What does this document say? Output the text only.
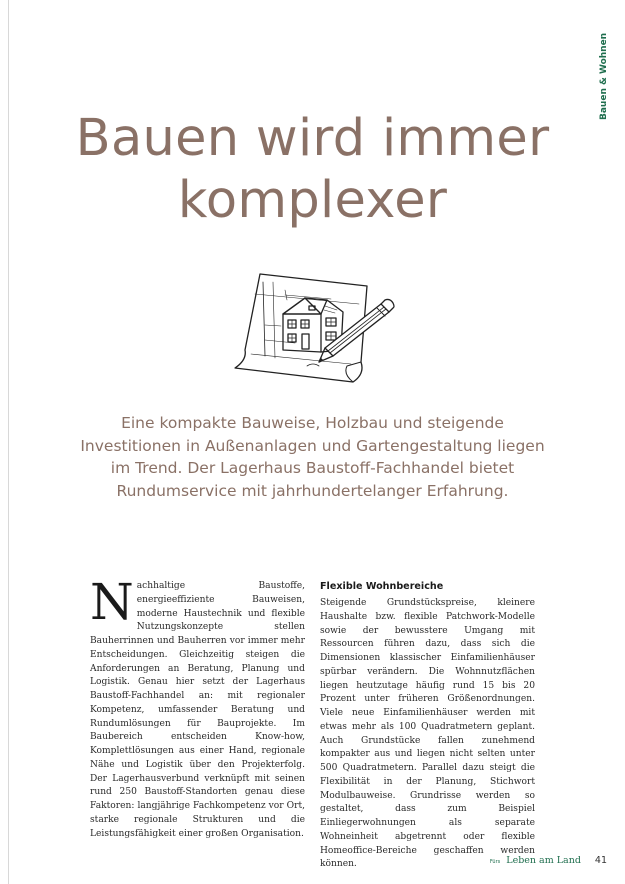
Bauen & Wohnen
Bauen wird immer
komplexer

Eine kompakte Bauweise, Holzbau und steigende Investitionen in Außenanlagen und Gartengestaltung liegen im Trend. Der Lagerhaus Baustoff-Fachhandel bietet Rundumservice mit jahrhundertelanger Erfahrung.

N achhaltige Baustoffe, energieeffiziente Bauweisen, moderne Haustechnik und flexible Nutzungskonzepte stellen Bauherrinnen und Bauherren vor immer mehr Entscheidungen. Gleichzeitig steigen die Anforderungen an Beratung, Planung und Logistik. Genau hier setzt der Lagerhaus Baustoff-Fachhandel an: mit regionaler Kompetenz, umfassender Beratung und Rundumlösungen für Bauprojekte. Im Baubereich entscheiden Know-how, Komplettlösungen aus einer Hand, regionale Nähe und Logistik über den Projekterfolg. Der Lagerhausverbund verknüpft mit seinen rund 250 Baustoff-Standorten genau diese Faktoren: langjährige Fachkompetenz vor Ort, starke regionale Strukturen und die Leistungsfähigkeit einer großen Organisation.

Flexible Wohnbereiche

Steigende Grundstückspreise, kleinere Haushalte bzw. flexible Patchwork-Modelle sowie der bewusstere Umgang mit Ressourcen führen dazu, dass sich die Dimensionen klassischer Einfamilienhäuser spürbar verändern. Die Wohnnutzflächen liegen heutzutage häufig rund 15 bis 20 Prozent unter früheren Größenordnungen. Viele neue Einfamilienhäuser werden mit etwas mehr als 100 Quadratmetern geplant. Auch Grundstücke fallen zunehmend kompakter aus und liegen nicht selten unter 500 Quadratmetern. Parallel dazu steigt die Flexibilität in der Planung, Stichwort Modulbauweise. Grundrisse werden so gestaltet, dass zum Beispiel Einliegerwohnungen als separate Wohneinheit abgetrennt oder flexible Homeoffice-Bereiche geschaffen werden können.	Fürs Leben am Land 41
